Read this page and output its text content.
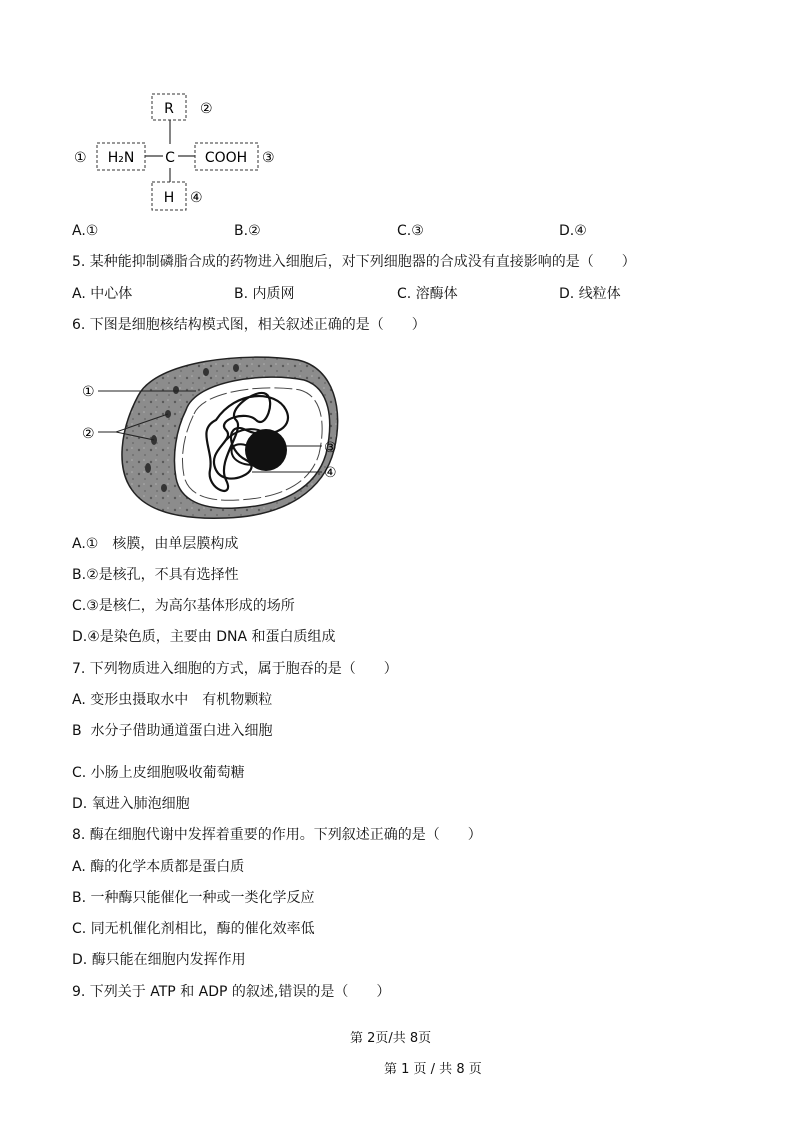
R ②
① H₂N C COOH ③
H ④
A.①	B.②	C.③	D.④
5. 某种能抑制磷脂合成的药物进入细胞后，对下列细胞器的合成没有直接影响的是（　　）
A. 中心体	B. 内质网	C. 溶酶体	D. 线粒体
6. 下图是细胞核结构模式图，相关叙述正确的是（　　）
①
②
③
④
A.①　核膜，由单层膜构成
B.②是核孔，不具有选择性
C.③是核仁，为高尔基体形成的场所
D.④是染色质，主要由 DNA 和蛋白质组成
7. 下列物质进入细胞的方式，属于胞吞的是（　　）
A. 变形虫摄取水中　有机物颗粒
B 水分子借助通道蛋白进入细胞
C. 小肠上皮细胞吸收葡萄糖
D. 氧进入肺泡细胞
8. 酶在细胞代谢中发挥着重要的作用。下列叙述正确的是（　　）
A. 酶的化学本质都是蛋白质
B. 一种酶只能催化一种或一类化学反应
C. 同无机催化剂相比，酶的催化效率低
D. 酶只能在细胞内发挥作用
9. 下列关于 ATP 和 ADP 的叙述,错误的是（　　）
第 2页/共 8页
第 1 页 / 共 8 页
